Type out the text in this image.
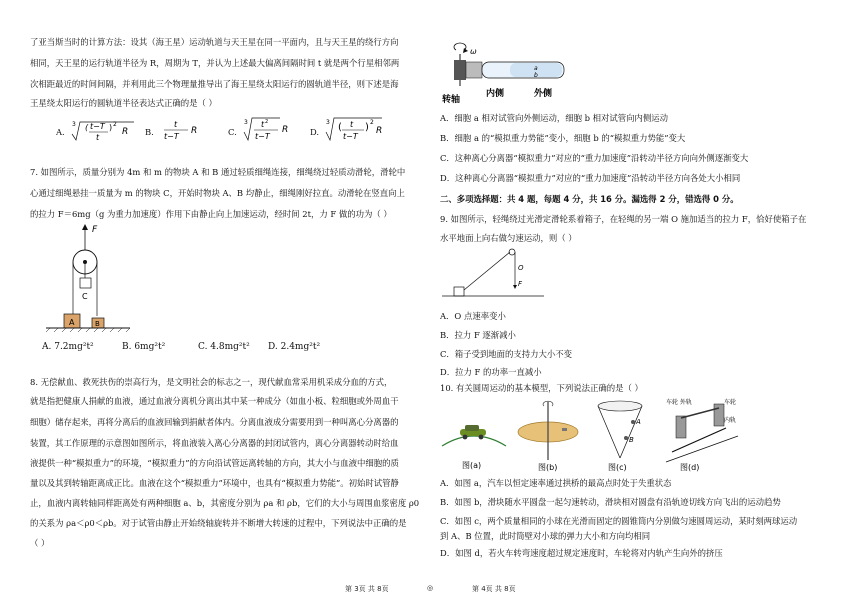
了亚当斯当时的计算方法：设其（海王星）运动轨道与天王星在同一平面内，且与天王星的绕行方向
相同，天王星的运行轨道半径为 R，周期为 T，并认为上述最大偏离间隔时间 t 就是两个行星相邻两
次相距最近的时间间隔，并利用此三个物理量推导出了海王星绕太阳运行的圆轨道半径，则下述是海
王星绕太阳运行的圆轨道半径表达式正确的是（ ）
A.
3 ( t−T
t
) 2
R B.
t
t−T
R	C.
3 t 2
t−T
R	D.
3 ( t
t−T
) 2
R
7. 如图所示，质量分别为 4m 和 m 的物块 A 和 B 通过轻质细绳连接，细绳绕过轻质动滑轮，滑轮中
心通过细绳悬挂一质量为 m 的物块 C，开始时物块 A、B 均静止，细绳刚好拉直。动滑轮在竖直向上
的拉力 F＝6mg（g 为重力加速度）作用下由静止向上加速运动，经时间 2t，力 F 做的功为（ ）
F
C
A	B
A. 7.2mg²t²	B. 6mg²t²	C. 4.8mg²t² D. 2.4mg²t²
8. 无偿献血、救死扶伤的崇高行为，是文明社会的标志之一，现代献血常采用机采成分血的方式，
就是指把健康人捐献的血液，通过血液分离机分离出其中某一种成分（如血小板、粒细胞或外周血干
细胞）储存起来，再将分离后的血液回输到捐献者体内。分离血液成分需要用到一种叫离心分离器的
装置，其工作原理的示意图如图所示，将血液装入离心分离器的封闭试管内，离心分离器转动时给血
液提供一种“模拟重力”的环境，“模拟重力”的方向沿试管远离转轴的方向，其大小与血液中细胞的质
量以及其到转轴距离成正比。血液在这个“模拟重力”环境中，也具有“模拟重力势能”。初始时试管静
止，血液内离转轴同样距离处有两种细胞 a、b，其密度分别为 ρa 和 ρb，它们的大小与周围血浆密度 ρ0
的关系为 ρa＜ρ0＜ρb。对于试管由静止开始绕轴旋转并不断增大转速的过程中，下列说法中正确的是
（ ）
ω
a
b
转轴
内侧	外侧
A．细胞 a 相对试管向外侧运动，细胞 b 相对试管向内侧运动
B．细胞 a 的“模拟重力势能”变小，细胞 b 的“模拟重力势能”变大
C．这种离心分离器“模拟重力”对应的“重力加速度”沿转动半径方向向外侧逐渐变大
D．这种离心分离器“模拟重力”对应的“重力加速度”沿转动半径方向各处大小相同
二、多项选择题：共 4 题，每题 4 分，共 16 分。漏选得 2 分，错选得 0 分。
9. 如图所示，轻绳绕过光滑定滑轮系着箱子，在轻绳的另一端 O 施加适当的拉力 F，恰好使箱子在
水平地面上向右做匀速运动，则（ ）
O
F
A．O 点速率变小
B．拉力 F 逐渐减小
C．箱子受到地面的支持力大小不变
D．拉力 F 的功率一直减小
10. 有关圆周运动的基本模型，下列说法正确的是（ ）
图(a)	图(b)
A
B
图(c)
车轮 外轨	车轮
内轨
图(d)
A．如图 a，汽车以恒定速率通过拱桥的最高点时处于失重状态
B．如图 b，滑块随水平圆盘一起匀速转动，滑块相对圆盘有沿轨迹切线方向飞出的运动趋势
C．如图 c，两个质量相同的小球在光滑而固定的圆锥筒内分别做匀速圆周运动，某时刻两球运动
到 A、B 位置，此时筒壁对小球的弹力大小和方向均相同
D．如图 d，若火车转弯速度超过规定速度时，车轮将对内轨产生向外的挤压
第 3页 共 8页	◎	第 4页 共 8页
